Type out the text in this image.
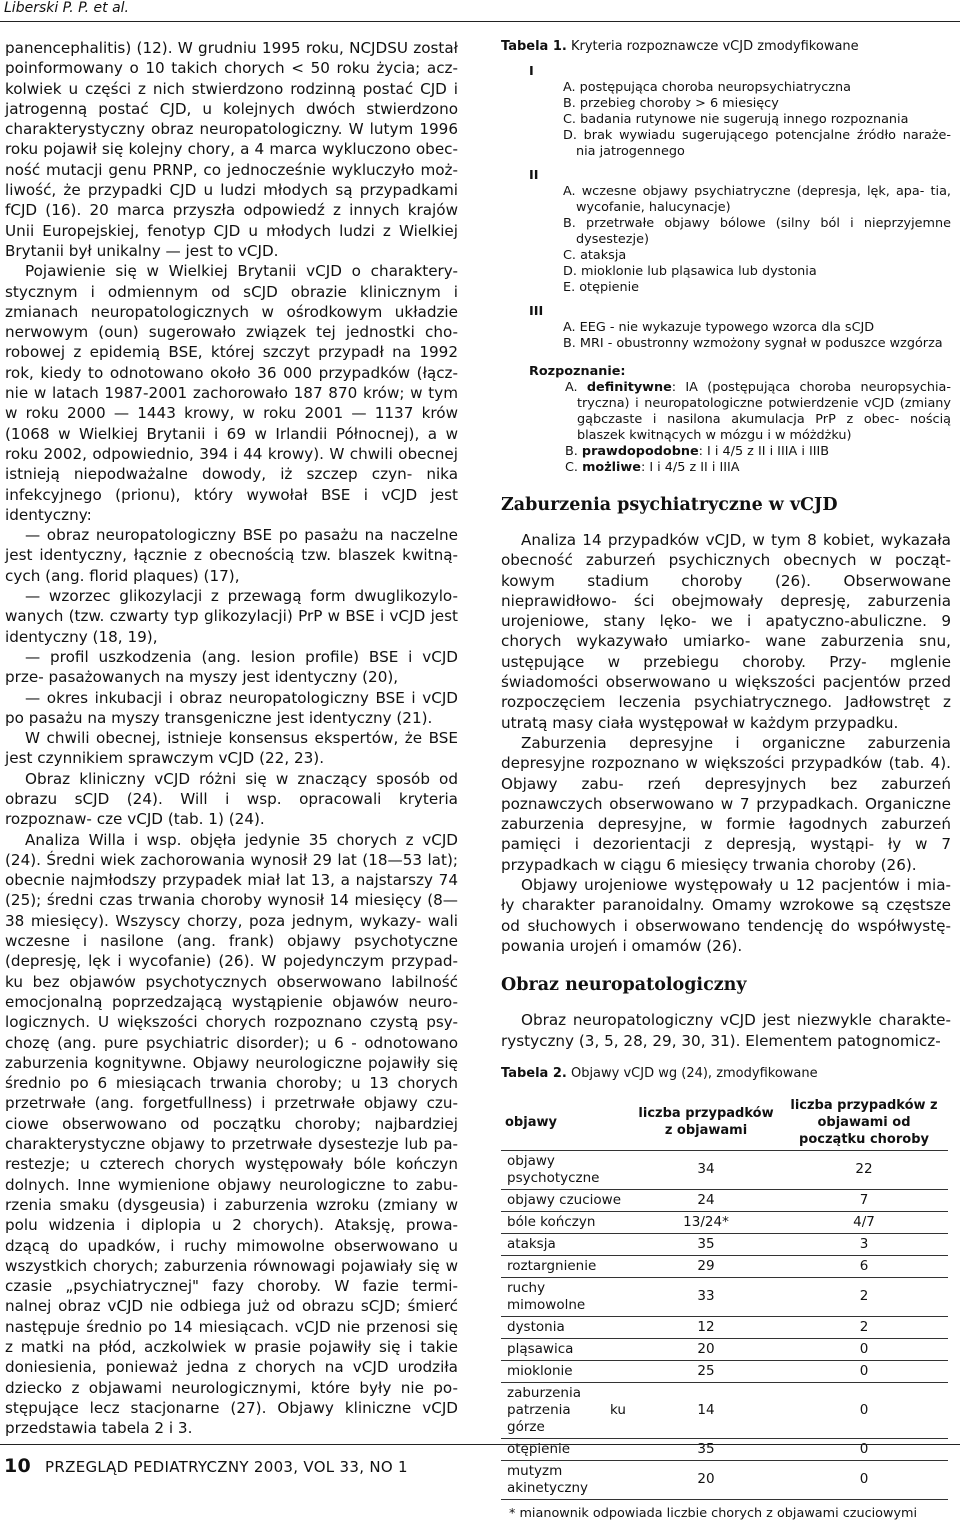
Liberski P. P. et al.

panencephalitis) (12). W grudniu 1995 roku, NCJDSU został poinformowany o 10 takich chorych < 50 roku życia; acz- kolwiek u części z nich stwierdzono rodzinną postać CJD i jatrogenną postać CJD, u kolejnych dwóch stwierdzono charakterystyczny obraz neuropatologiczny. W lutym 1996 roku pojawił się kolejny chory, a 4 marca wykluczono obec- ność mutacji genu PRNP, co jednocześnie wykluczyło moż- liwość, że przypadki CJD u ludzi młodych są przypadkami fCJD (16). 20 marca przyszła odpowiedź z innych krajów Unii Europejskiej, fenotyp CJD u młodych ludzi z Wielkiej Brytanii był unikalny — jest to vCJD.

Pojawienie się w Wielkiej Brytanii vCJD o charaktery- stycznym i odmiennym od sCJD obrazie klinicznym i zmianach neuropatologicznych w ośrodkowym układzie nerwowym (oun) sugerowało związek tej jednostki cho- robowej z epidemią BSE, której szczyt przypadł na 1992 rok, kiedy to odnotowano około 36 000 przypadków (łącz- nie w latach 1987-2001 zachorowało 187 870 krów; w tym w roku 2000 — 1443 krowy, w roku 2001 — 1137 krów (1068 w Wielkiej Brytanii i 69 w Irlandii Północnej), a w roku 2002, odpowiednio, 394 i 44 krowy). W chwili obecnej istnieją niepodważalne dowody, iż szczep czyn- nika infekcyjnego (prionu), który wywołał BSE i vCJD jest identyczny:

— obraz neuropatologiczny BSE po pasażu na naczelne jest identyczny, łącznie z obecnością tzw. blaszek kwitną- cych (ang. florid plaques) (17),

— wzorzec glikozylacji z przewagą form dwuglikozylo- wanych (tzw. czwarty typ glikozylacji) PrP w BSE i vCJD jest identyczny (18, 19),

— profil uszkodzenia (ang. lesion profile) BSE i vCJD prze- pasażowanych na myszy jest identyczny (20),

— okres inkubacji i obraz neuropatologiczny BSE i vCJD po pasażu na myszy transgeniczne jest identyczny (21).

W chwili obecnej, istnieje konsensus ekspertów, że BSE jest czynnikiem sprawczym vCJD (22, 23).

Obraz kliniczny vCJD różni się w znaczący sposób od obrazu sCJD (24). Will i wsp. opracowali kryteria rozpoznaw- cze vCJD (tab. 1) (24).

Analiza Willa i wsp. objęła jedynie 35 chorych z vCJD (24). Średni wiek zachorowania wynosił 29 lat (18—53 lat); obecnie najmłodszy przypadek miał lat 13, a najstarszy 74 (25); średni czas trwania choroby wynosił 14 miesięcy (8—38 miesięcy). Wszyscy chorzy, poza jednym, wykazy- wali wczesne i nasilone (ang. frank) objawy psychotyczne (depresję, lęk i wycofanie) (26). W pojedynczym przypad- ku bez objawów psychotycznych obserwowano labilność emocjonalną poprzedzającą wystąpienie objawów neuro- logicznych. U większości chorych rozpoznano czystą psy- chozę (ang. pure psychiatric disorder); u 6 - odnotowano zaburzenia kognitywne. Objawy neurologiczne pojawiły się średnio po 6 miesiącach trwania choroby; u 13 chorych przetrwałe (ang. forgetfullness) i przetrwałe objawy czu- ciowe obserwowano od początku choroby; najbardziej charakterystyczne objawy to przetrwałe dysestezje lub pa- restezje; u czterech chorych występowały bóle kończyn dolnych. Inne wymienione objawy neurologiczne to zabu- rzenia smaku (dysgeusia) i zaburzenia wzroku (zmiany w polu widzenia i diplopia u 2 chorych). Ataksję, prowa- dzącą do upadków, i ruchy mimowolne obserwowano u wszystkich chorych; zaburzenia równowagi pojawiały się w czasie „psychiatrycznej" fazy choroby. W fazie termi- nalnej obraz vCJD nie odbiega już od obrazu sCJD; śmierć następuje średnio po 14 miesiącach. vCJD nie przenosi się z matki na płód, aczkolwiek w prasie pojawiły się i takie doniesienia, ponieważ jedna z chorych na vCJD urodziła dziecko z objawami neurologicznymi, które były nie po- stępujące lecz stacjonarne (27). Objawy kliniczne vCJD przedstawia tabela 2 i 3.

Tabela 1. Kryteria rozpoznawcze vCJD zmodyfikowane

I
A. postępująca choroba neuropsychiatryczna
B. przebieg choroby > 6 miesięcy
C. badania rutynowe nie sugerują innego rozpoznania
D. brak wywiadu sugerującego potencjalne źródło naraże- nia jatrogennego
II
A. wczesne objawy psychiatryczne (depresja, lęk, apa- tia, wycofanie, halucynacje)
B. przetrwałe objawy bólowe (silny ból i nieprzyjemne dysestezje)
C. ataksja
D. mioklonie lub pląsawica lub dystonia
E. otępienie
III
A. EEG - nie wykazuje typowego wzorca dla sCJD
B. MRI - obustronny wzmożony sygnał w poduszce wzgórza
Rozpoznanie:
A. definitywne: IA (postępująca choroba neuropsychia- tryczna) i neuropatologiczne potwierdzenie vCJD (zmiany gąbczaste i nasilona akumulacja PrP z obec- nością blaszek kwitnących w mózgu i w móżdżku)
B. prawdopodobne: I i 4/5 z II i IIIA i IIIB
C. możliwe: I i 4/5 z II i IIIA
Zaburzenia psychiatryczne w vCJD

Analiza 14 przypadków vCJD, w tym 8 kobiet, wykazała obecność zaburzeń psychicznych obecnych w począt- kowym stadium choroby (26). Obserwowane nieprawidłowo- ści obejmowały depresję, zaburzenia urojeniowe, stany lęko- we i apatyczno-abuliczne. 9 chorych wykazywało umiarko- wane zaburzenia snu, ustępujące w przebiegu choroby. Przy- mglenie świadomości obserwowano u większości pacjentów przed rozpoczęciem leczenia psychiatrycznego. Jadłowstręt z utratą masy ciała występował w każdym przypadku.

Zaburzenia depresyjne i organiczne zaburzenia depresyjne rozpoznano w większości przypadków (tab. 4). Objawy zabu- rzeń depresyjnych bez zaburzeń poznawczych obserwowano w 7 przypadkach. Organiczne zaburzenia depresyjne, w formie łagodnych zaburzeń pamięci i dezorientacji z depresją, wystąpi- ły w 7 przypadkach w ciągu 6 miesięcy trwania choroby (26).

Objawy urojeniowe występowały u 12 pacjentów i mia- ły charakter paranoidalny. Omamy wzrokowe są częstsze od słuchowych i obserwowano tendencję do współwystę- powania urojeń i omamów (26).

Obraz neuropatologiczny

Obraz neuropatologiczny vCJD jest niezwykle charakte- rystyczny (3, 5, 28, 29, 30, 31). Elementem patognomicz-

Tabela 2. Objawy vCJD wg (24), zmodyfikowane

objawy	liczba przypadków z objawami	liczba przypadków z objawami od początku choroby
objawy psychotyczne	34	22
objawy czuciowe	24	7
bóle kończyn	13/24*	4/7
ataksja	35	3
roztargnienie	29	6
ruchy mimowolne	33	2
dystonia	12	2
pląsawica	20	0
mioklonie	25	0
zaburzenia patrzenia ku górze	14	0
otępienie	35	0
mutyzm akinetyczny	20	0
* mianownik odpowiada liczbie chorych z objawami czuciowymi
10 PRZEGLĄD PEDIATRYCZNY 2003, VOL 33, NO 1
